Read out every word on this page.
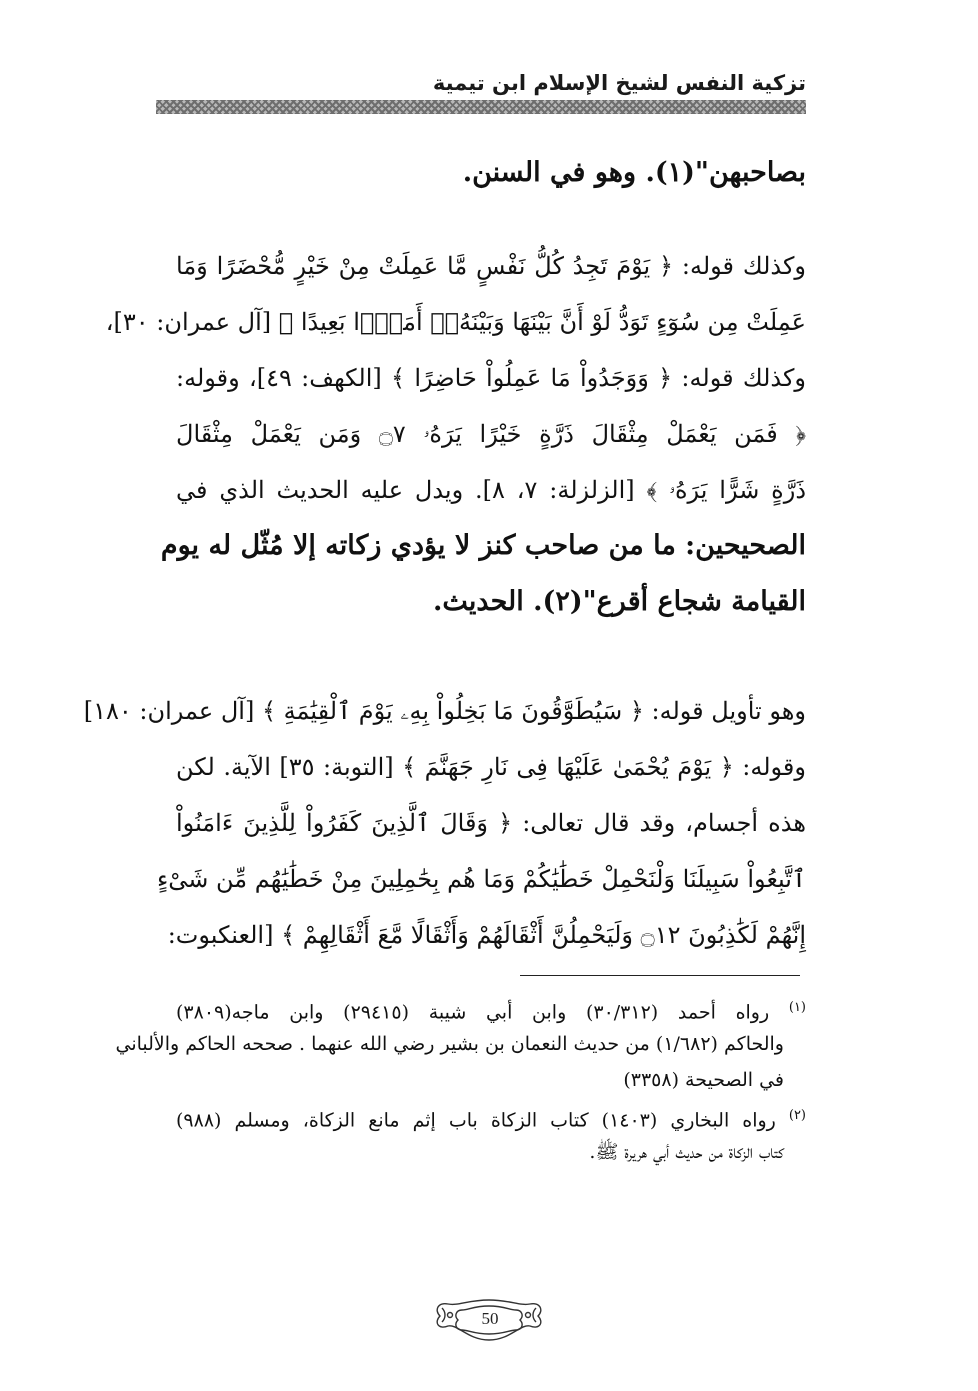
تزكية النفس لشيخ الإسلام ابن تيمية
بصاحبهن"(١). وهو في السنن.
وكذلك قوله: ﴿ يَوْمَ تَجِدُ كُلُّ نَفْسٍ مَّا عَمِلَتْ مِنْ خَيْرٍ مُّحْضَرًا وَمَا
عَمِلَتْ مِن سُوٓءٍ تَوَدُّ لَوْ أَنَّ بَيْنَهَا وَبَيْنَهُۥٓ أَمَدًۢا بَعِيدًا ﴾ [آل عمران: ٣٠]،
وكذلك قوله: ﴿ وَوَجَدُواْ مَا عَمِلُواْ حَاضِرًا ﴾ [الكهف: ٤٩]، وقوله:
﴿ فَمَن يَعْمَلْ مِثْقَالَ ذَرَّةٍ خَيْرًا يَرَهُۥ ۝٧ وَمَن يَعْمَلْ مِثْقَالَ
ذَرَّةٍ شَرًّا يَرَهُۥ ﴾ [الزلزلة: ٧، ٨]. ويدل عليه الحديث الذي في
الصحيحين: ما من صاحب كنز لا يؤدي زكاته إلا مُثّل له يوم
القيامة شجاع أقرع"(٢). الحديث.
وهو تأويل قوله: ﴿ سَيُطَوَّقُونَ مَا بَخِلُواْ بِهِۦ يَوْمَ ٱلْقِيَٰمَةِ ﴾ [آل عمران: ١٨٠]
وقوله: ﴿ يَوْمَ يُحْمَىٰ عَلَيْهَا فِى نَارِ جَهَنَّمَ ﴾ [التوبة: ٣٥] الآية. لكن
هذه أجسام، وقد قال تعالى: ﴿ وَقَالَ ٱلَّذِينَ كَفَرُواْ لِلَّذِينَ ءَامَنُواْ
ٱتَّبِعُواْ سَبِيلَنَا وَلْنَحْمِلْ خَطَٰيَٰكُمْ وَمَا هُم بِحَٰمِلِينَ مِنْ خَطَٰيَٰهُم مِّن شَىْءٍ
إِنَّهُمْ لَكَٰذِبُونَ ۝١٢ وَلَيَحْمِلُنَّ أَثْقَالَهُمْ وَأَثْقَالًا مَّعَ أَثْقَالِهِمْ ﴾ [العنكبوت:
$^{(١)}$ رواه أحمد (٣٠/٣١٢) وابن أبي شيبة (٢٩٤١٥) وابن ماجه(٣٨٠٩)
والحاكم (١/٦٨٢) من حديث النعمان بن بشير رضي الله عنهما . صححه الحاكم والألباني
في الصحيحة (٣٣٥٨)
$^{(٢)}$ رواه البخاري (١٤٠٣) كتاب الزكاة باب إثم مانع الزكاة، ومسلم (٩٨٨)
كتاب الزكاة من حديث أبي هريرة ﷺ.
50
